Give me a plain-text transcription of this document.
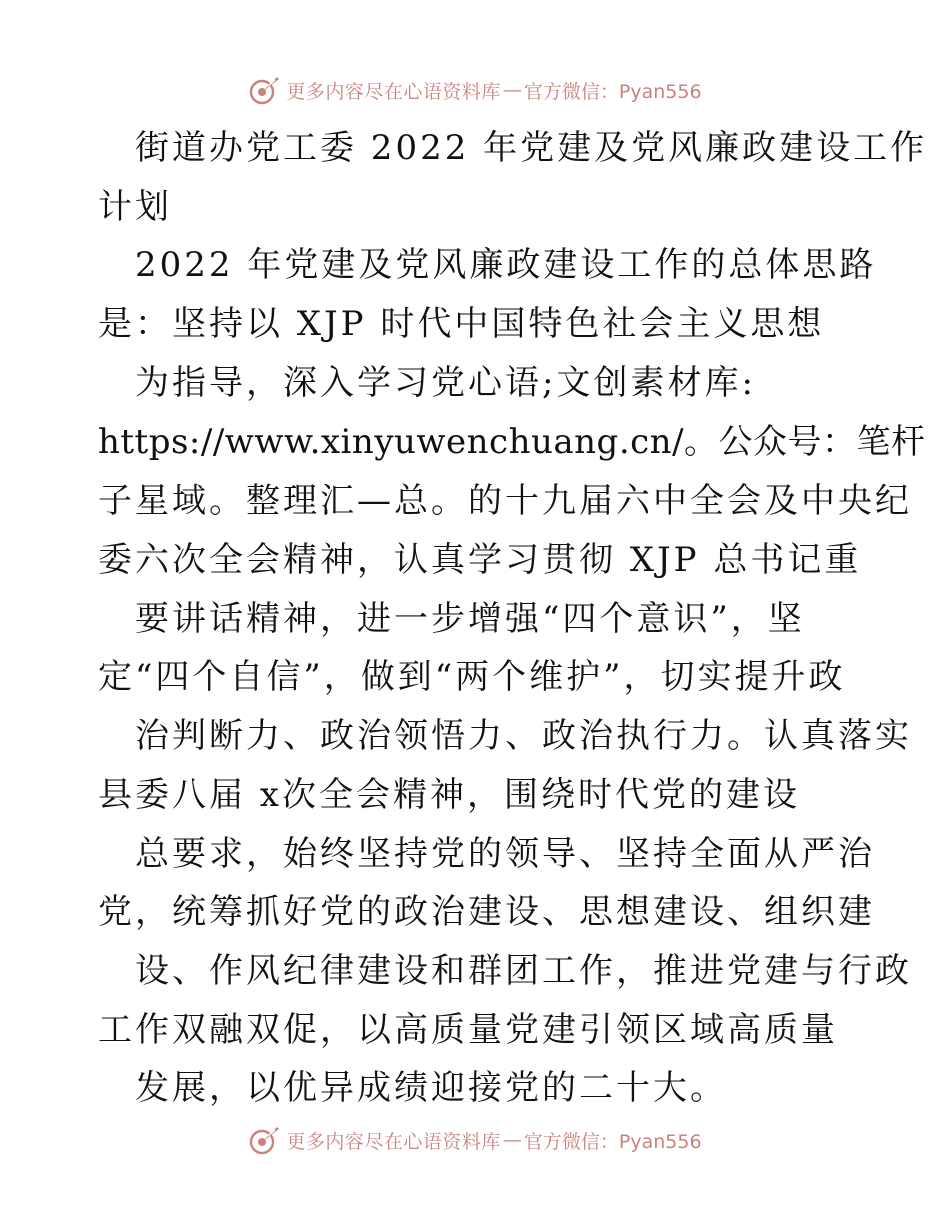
更多内容尽在心语资料库 — 官方微信：Pyan556
街道办党工委 2022 年党建及党风廉政建设工作
计划
2022 年党建及党风廉政建设工作的总体思路
是：坚持以 XJP 时代中国特色社会主义思想
为指导，深入学习党心语;文创素材库:
https://www.xinyuwenchuang.cn/。公众号：笔杆
子星域。整理汇—总。的十九届六中全会及中央纪
委六次全会精神，认真学习贯彻 XJP 总书记重
要讲话精神，进一步增强“四个意识”，坚
定“四个自信”，做到“两个维护”，切实提升政
治判断力、政治领悟力、政治执行力。认真落实
县委八届 x次全会精神，围绕时代党的建设
总要求，始终坚持党的领导、坚持全面从严治
党，统筹抓好党的政治建设、思想建设、组织建
设、作风纪律建设和群团工作，推进党建与行政
工作双融双促，以高质量党建引领区域高质量
发展，以优异成绩迎接党的二十大。
更多内容尽在心语资料库 — 官方微信：Pyan556
